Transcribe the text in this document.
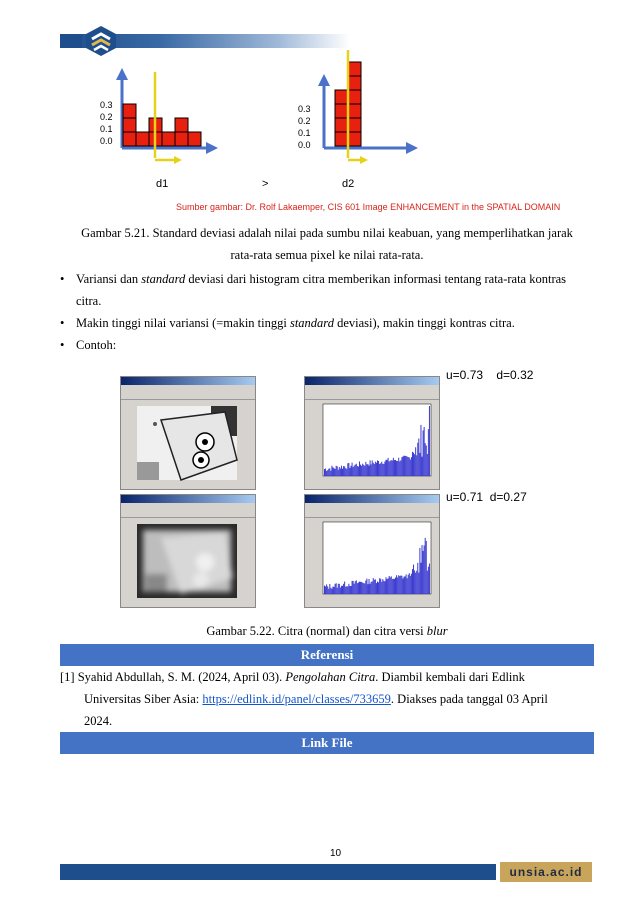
0.3
0.2
0.1
0.0
0.3
0.2
0.1
0.0
d1	>	d2
Sumber gambar: Dr. Rolf Lakaemper, CIS 601 Image ENHANCEMENT in the SPATIAL DOMAIN
Gambar 5.21. Standard deviasi adalah nilai pada sumbu nilai keabuan, yang memperlihatkan jarak
rata-rata semua pixel ke nilai rata-rata.
• Variansi dan standard deviasi dari histogram citra memberikan informasi tentang rata-rata kontras
citra.
• Makin tinggi nilai variansi (=makin tinggi standard deviasi), makin tinggi kontras citra.
• Contoh:
u=0.73    d=0.32
u=0.71  d=0.27
Gambar 5.22. Citra (normal) dan citra versi blur
Referensi
[1] Syahid Abdullah, S. M. (2024, April 03). Pengolahan Citra. Diambil kembali dari Edlink
Universitas Siber Asia: https://edlink.id/panel/classes/733659. Diakses pada tanggal 03 April
2024.
Link File
10
unsia.ac.id
